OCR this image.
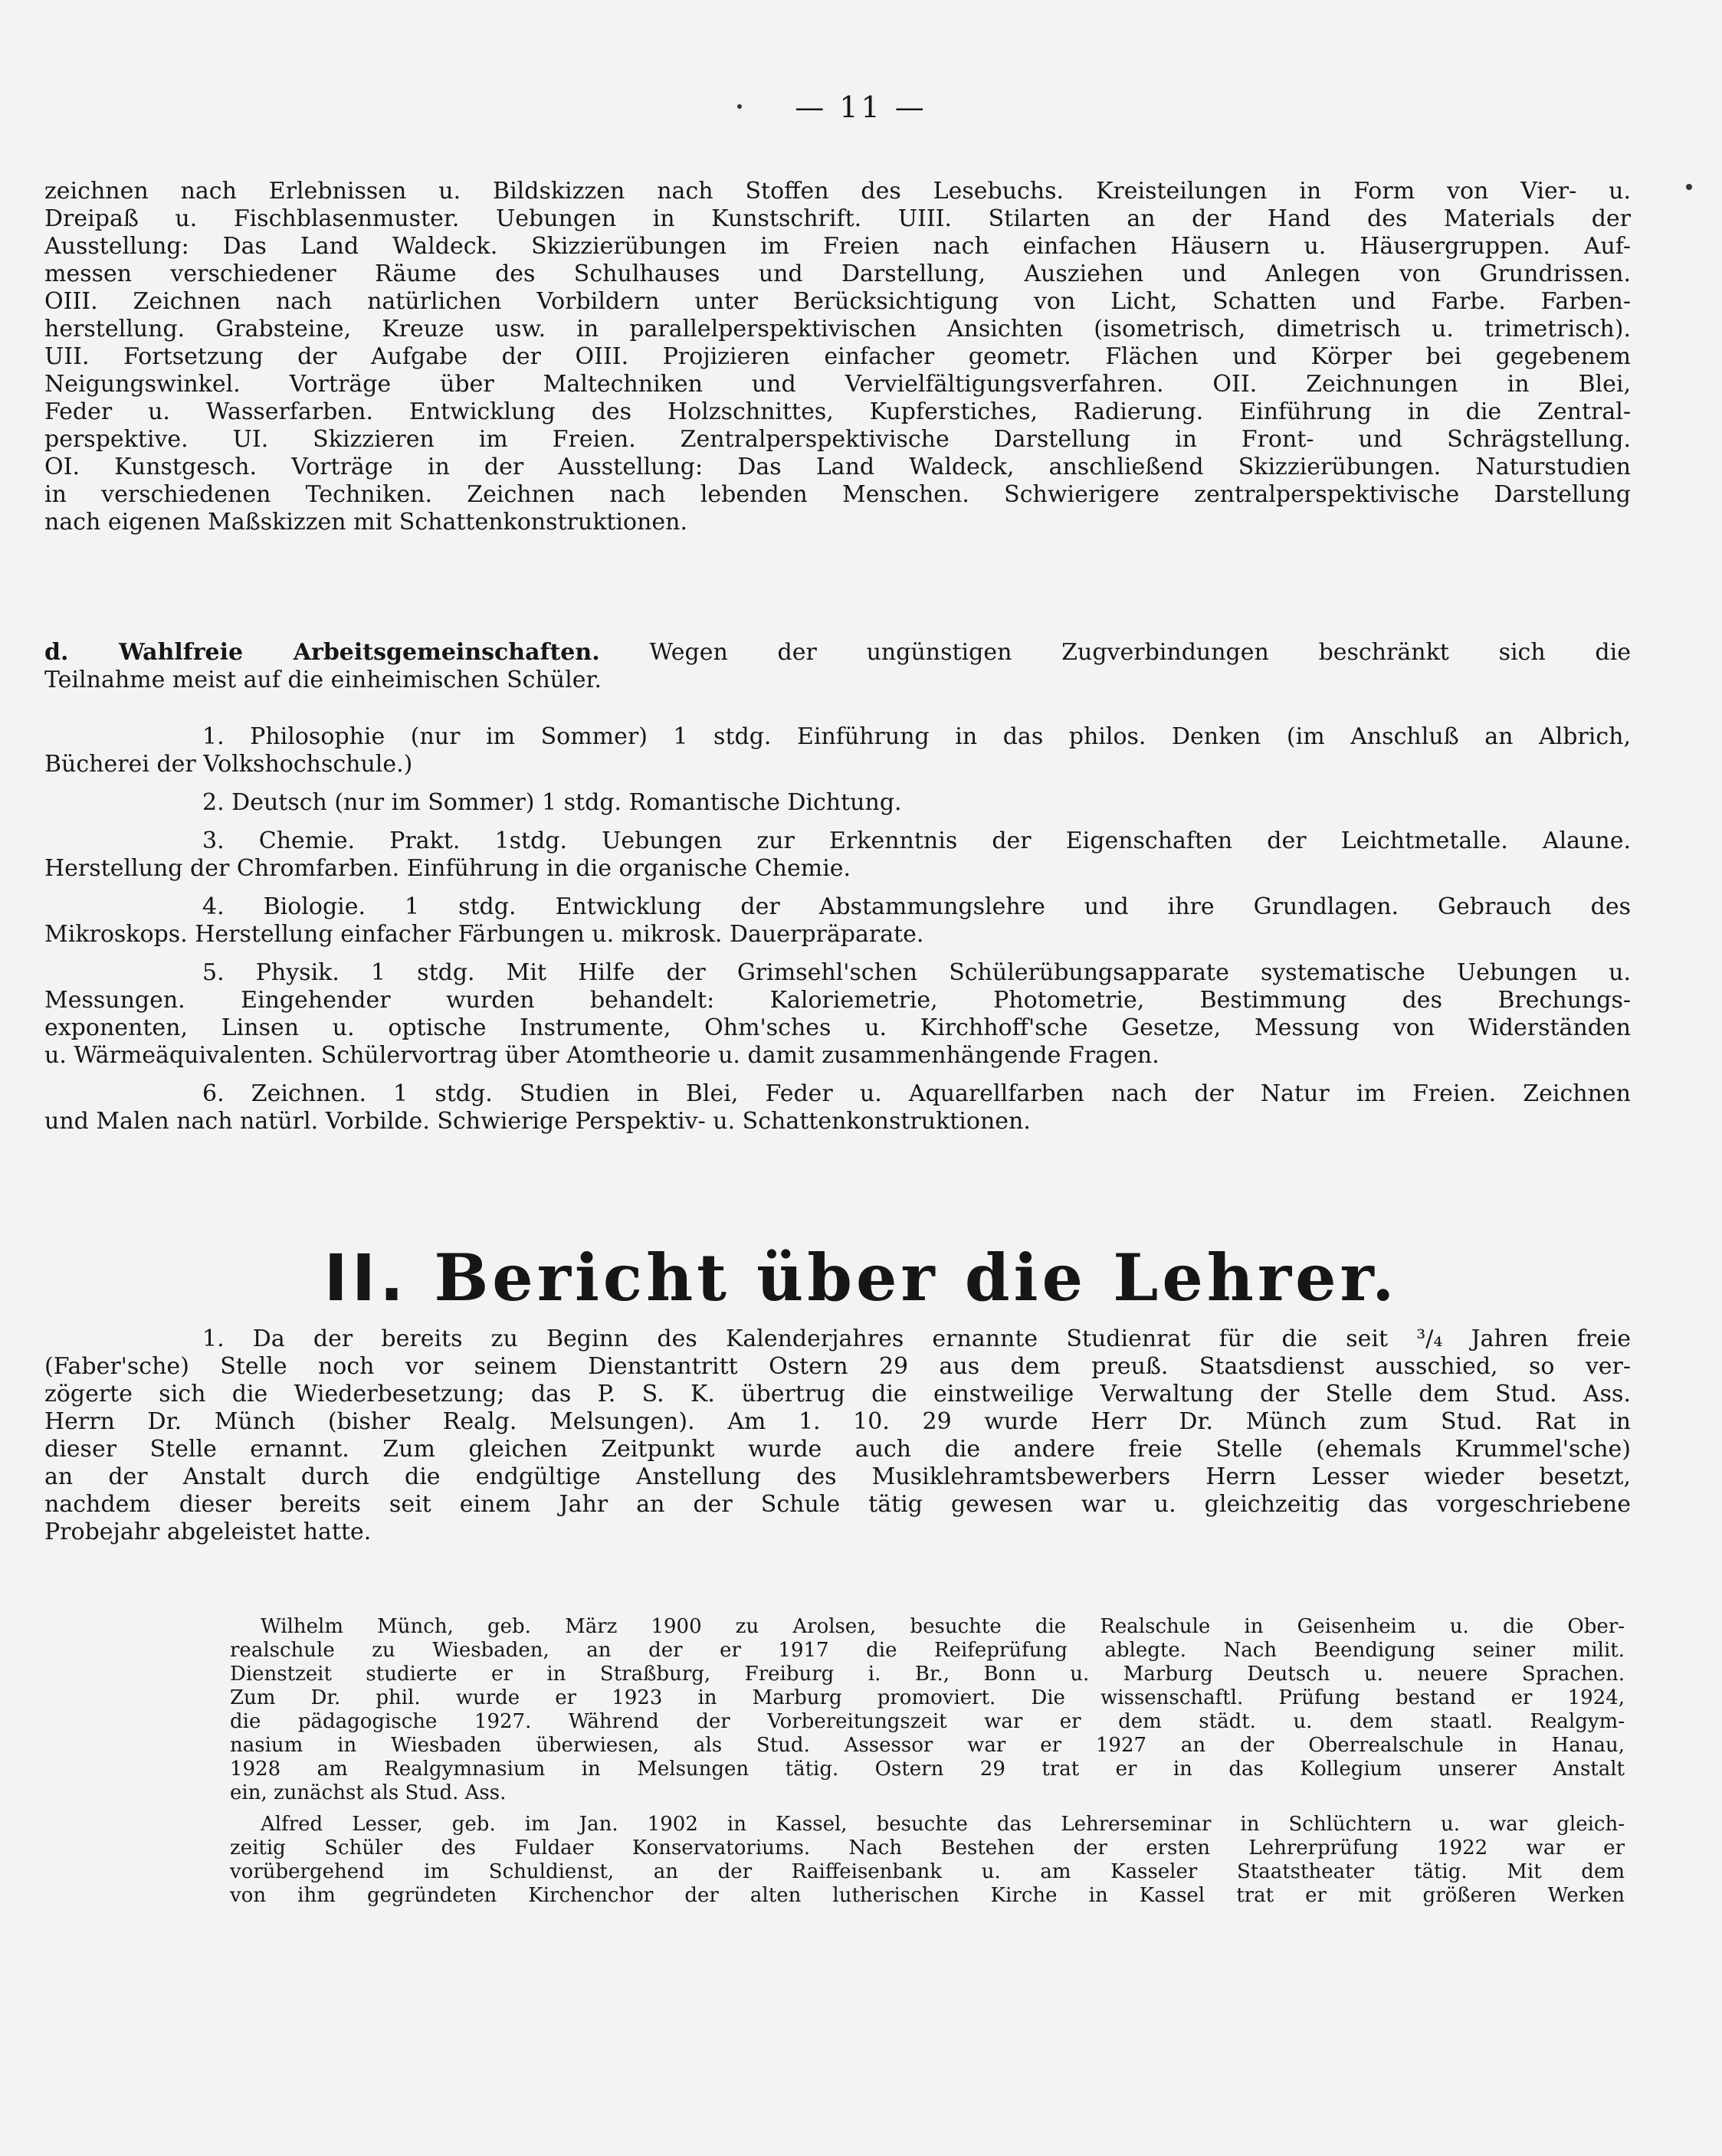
— 11 —
zeichnen nach Erlebnissen u. Bildskizzen nach Stoffen des Lesebuchs. Kreisteilungen in Form von Vier- u.
Dreipaß u. Fischblasenmuster. Uebungen in Kunstschrift. UIII. Stilarten an der Hand des Materials der
Ausstellung: Das Land Waldeck. Skizzierübungen im Freien nach einfachen Häusern u. Häusergruppen. Auf-
messen verschiedener Räume des Schulhauses und Darstellung, Ausziehen und Anlegen von Grundrissen.
OIII. Zeichnen nach natürlichen Vorbildern unter Berücksichtigung von Licht, Schatten und Farbe. Farben-
herstellung. Grabsteine, Kreuze usw. in parallelperspektivischen Ansichten (isometrisch, dimetrisch u. trimetrisch).
UII. Fortsetzung der Aufgabe der OIII. Projizieren einfacher geometr. Flächen und Körper bei gegebenem
Neigungswinkel. Vorträge über Maltechniken und Vervielfältigungsverfahren. OII. Zeichnungen in Blei,
Feder u. Wasserfarben. Entwicklung des Holzschnittes, Kupferstiches, Radierung. Einführung in die Zentral-
perspektive. UI. Skizzieren im Freien. Zentralperspektivische Darstellung in Front- und Schrägstellung.
OI. Kunstgesch. Vorträge in der Ausstellung: Das Land Waldeck, anschließend Skizzierübungen. Naturstudien
in verschiedenen Techniken. Zeichnen nach lebenden Menschen. Schwierigere zentralperspektivische Darstellung
nach eigenen Maßskizzen mit Schattenkonstruktionen.
d. Wahlfreie Arbeitsgemeinschaften. Wegen der ungünstigen Zugverbindungen beschränkt sich die
Teilnahme meist auf die einheimischen Schüler.
1. Philosophie (nur im Sommer) 1 stdg. Einführung in das philos. Denken (im Anschluß an Albrich,
Bücherei der Volkshochschule.)
2. Deutsch (nur im Sommer) 1 stdg. Romantische Dichtung.
3. Chemie. Prakt. 1stdg. Uebungen zur Erkenntnis der Eigenschaften der Leichtmetalle. Alaune.
Herstellung der Chromfarben. Einführung in die organische Chemie.
4. Biologie. 1 stdg. Entwicklung der Abstammungslehre und ihre Grundlagen. Gebrauch des
Mikroskops. Herstellung einfacher Färbungen u. mikrosk. Dauerpräparate.
5. Physik. 1 stdg. Mit Hilfe der Grimsehl'schen Schülerübungsapparate systematische Uebungen u.
Messungen. Eingehender wurden behandelt: Kaloriemetrie, Photometrie, Bestimmung des Brechungs-
exponenten, Linsen u. optische Instrumente, Ohm'sches u. Kirchhoff'sche Gesetze, Messung von Widerständen
u. Wärmeäquivalenten. Schülervortrag über Atomtheorie u. damit zusammenhängende Fragen.
6. Zeichnen. 1 stdg. Studien in Blei, Feder u. Aquarellfarben nach der Natur im Freien. Zeichnen
und Malen nach natürl. Vorbilde. Schwierige Perspektiv- u. Schattenkonstruktionen.
II. Bericht über die Lehrer.
1. Da der bereits zu Beginn des Kalenderjahres ernannte Studienrat für die seit ³/₄ Jahren freie
(Faber'sche) Stelle noch vor seinem Dienstantritt Ostern 29 aus dem preuß. Staatsdienst ausschied, so ver-
zögerte sich die Wiederbesetzung; das P. S. K. übertrug die einstweilige Verwaltung der Stelle dem Stud. Ass.
Herrn Dr. Münch (bisher Realg. Melsungen). Am 1. 10. 29 wurde Herr Dr. Münch zum Stud. Rat in
dieser Stelle ernannt. Zum gleichen Zeitpunkt wurde auch die andere freie Stelle (ehemals Krummel'sche)
an der Anstalt durch die endgültige Anstellung des Musiklehramtsbewerbers Herrn Lesser wieder besetzt,
nachdem dieser bereits seit einem Jahr an der Schule tätig gewesen war u. gleichzeitig das vorgeschriebene
Probejahr abgeleistet hatte.
Wilhelm Münch, geb. März 1900 zu Arolsen, besuchte die Realschule in Geisenheim u. die Ober-
realschule zu Wiesbaden, an der er 1917 die Reifeprüfung ablegte. Nach Beendigung seiner milit.
Dienstzeit studierte er in Straßburg, Freiburg i. Br., Bonn u. Marburg Deutsch u. neuere Sprachen.
Zum Dr. phil. wurde er 1923 in Marburg promoviert. Die wissenschaftl. Prüfung bestand er 1924,
die pädagogische 1927. Während der Vorbereitungszeit war er dem städt. u. dem staatl. Realgym-
nasium in Wiesbaden überwiesen, als Stud. Assessor war er 1927 an der Oberrealschule in Hanau,
1928 am Realgymnasium in Melsungen tätig. Ostern 29 trat er in das Kollegium unserer Anstalt
ein, zunächst als Stud. Ass.
Alfred Lesser, geb. im Jan. 1902 in Kassel, besuchte das Lehrerseminar in Schlüchtern u. war gleich-
zeitig Schüler des Fuldaer Konservatoriums. Nach Bestehen der ersten Lehrerprüfung 1922 war er
vorübergehend im Schuldienst, an der Raiffeisenbank u. am Kasseler Staatstheater tätig. Mit dem
von ihm gegründeten Kirchenchor der alten lutherischen Kirche in Kassel trat er mit größeren Werken
